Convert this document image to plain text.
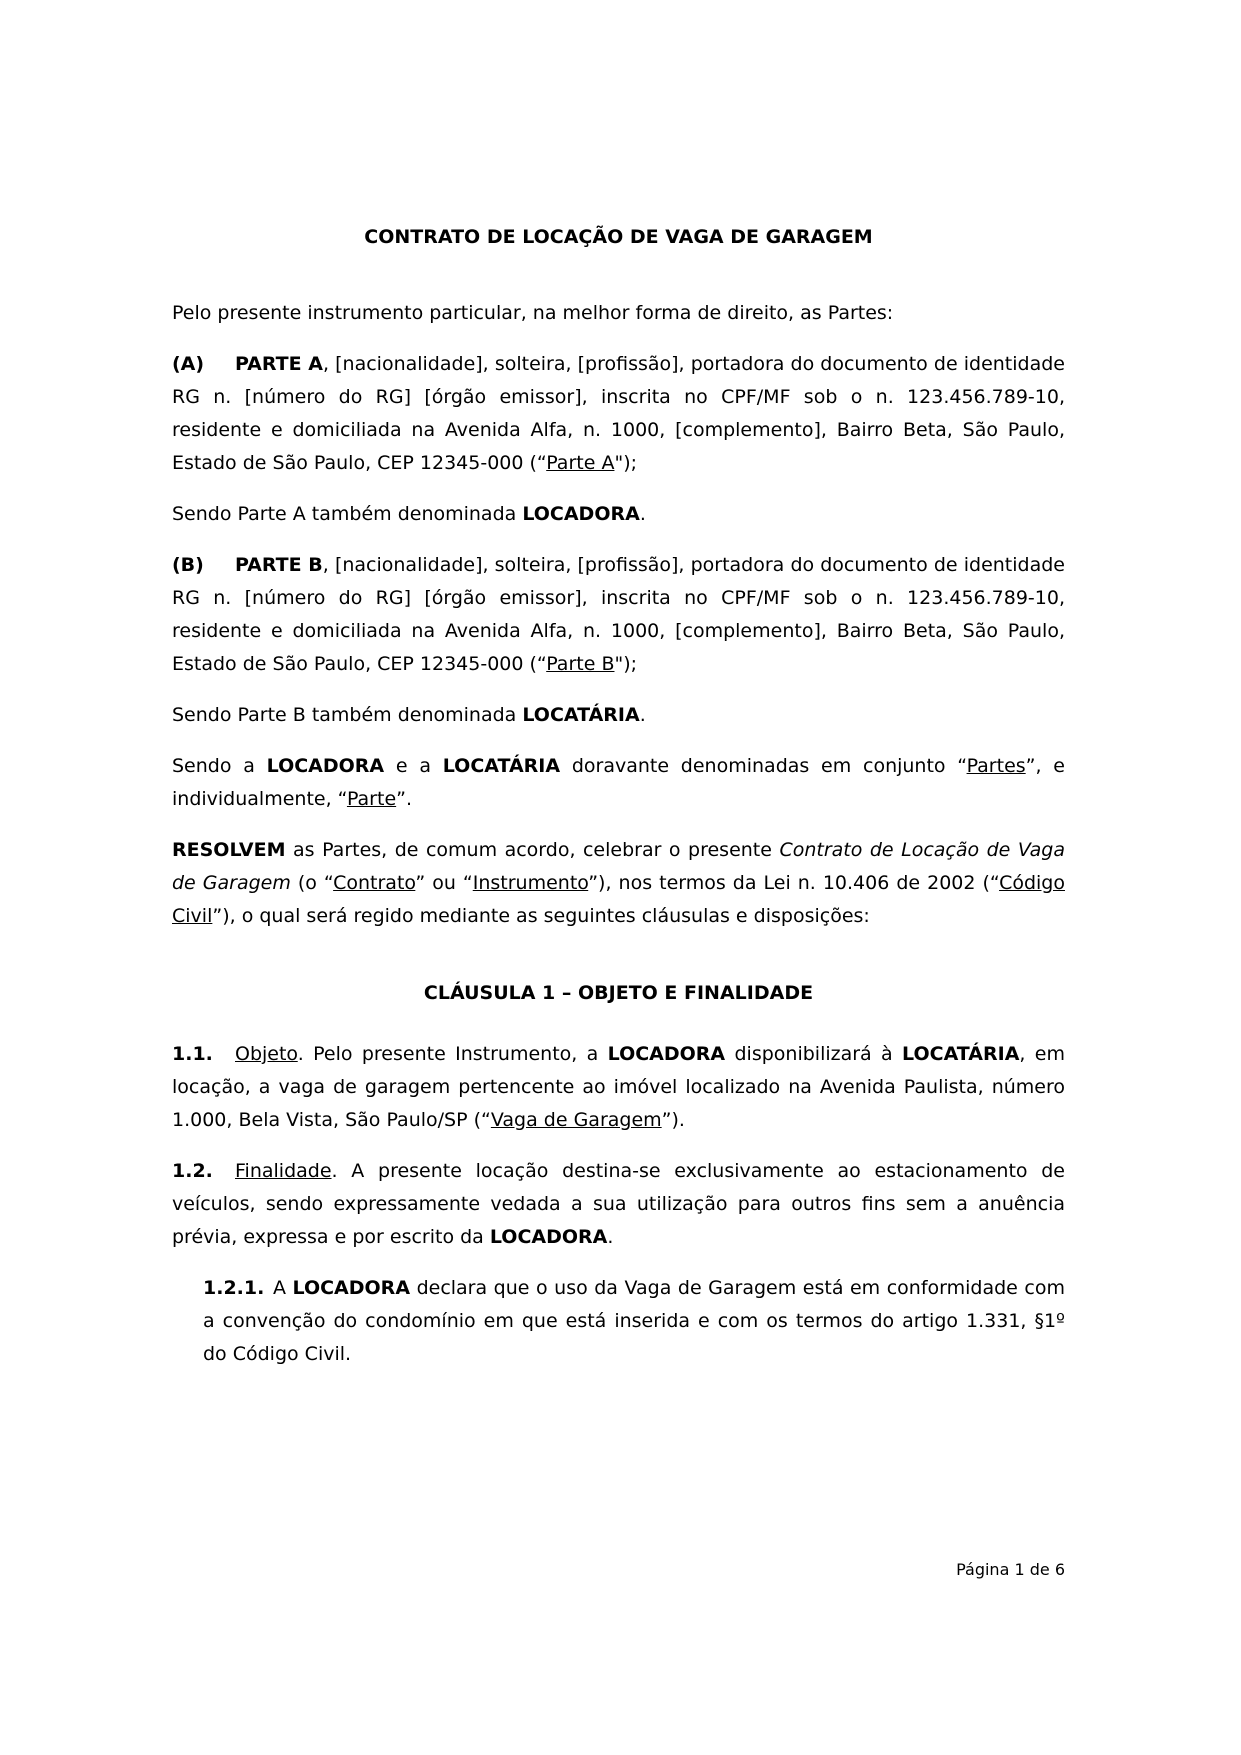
CONTRATO DE LOCAÇÃO DE VAGA DE GARAGEM

Pelo presente instrumento particular, na melhor forma de direito, as Partes:

(A) PARTE A, [nacionalidade], solteira, [profissão], portadora do documento de identidade RG n. [número do RG] [órgão emissor], inscrita no CPF/MF sob o n. 123.456.789-10, residente e domiciliada na Avenida Alfa, n. 1000, [complemento], Bairro Beta, São Paulo, Estado de São Paulo, CEP 12345-000 (“Parte A");

Sendo Parte A também denominada LOCADORA.

(B) PARTE B, [nacionalidade], solteira, [profissão], portadora do documento de identidade RG n. [número do RG] [órgão emissor], inscrita no CPF/MF sob o n. 123.456.789-10, residente e domiciliada na Avenida Alfa, n. 1000, [complemento], Bairro Beta, São Paulo, Estado de São Paulo, CEP 12345-000 (“Parte B");

Sendo Parte B também denominada LOCATÁRIA.

Sendo a LOCADORA e a LOCATÁRIA doravante denominadas em conjunto “Partes”, e individualmente, “Parte”.

RESOLVEM as Partes, de comum acordo, celebrar o presente Contrato de Locação de Vaga de Garagem (o “Contrato” ou “Instrumento”), nos termos da Lei n. 10.406 de 2002 (“Código Civil”), o qual será regido mediante as seguintes cláusulas e disposições:

CLÁUSULA 1 – OBJETO E FINALIDADE

1.1. Objeto. Pelo presente Instrumento, a LOCADORA disponibilizará à LOCATÁRIA, em locação, a vaga de garagem pertencente ao imóvel localizado na Avenida Paulista, número 1.000, Bela Vista, São Paulo/SP (“Vaga de Garagem”).

1.2. Finalidade. A presente locação destina-se exclusivamente ao estacionamento de veículos, sendo expressamente vedada a sua utilização para outros fins sem a anuência prévia, expressa e por escrito da LOCADORA.

1.2.1. A LOCADORA declara que o uso da Vaga de Garagem está em conformidade com a convenção do condomínio em que está inserida e com os termos do artigo 1.331, §1º do Código Civil.

Página 1 de 6
